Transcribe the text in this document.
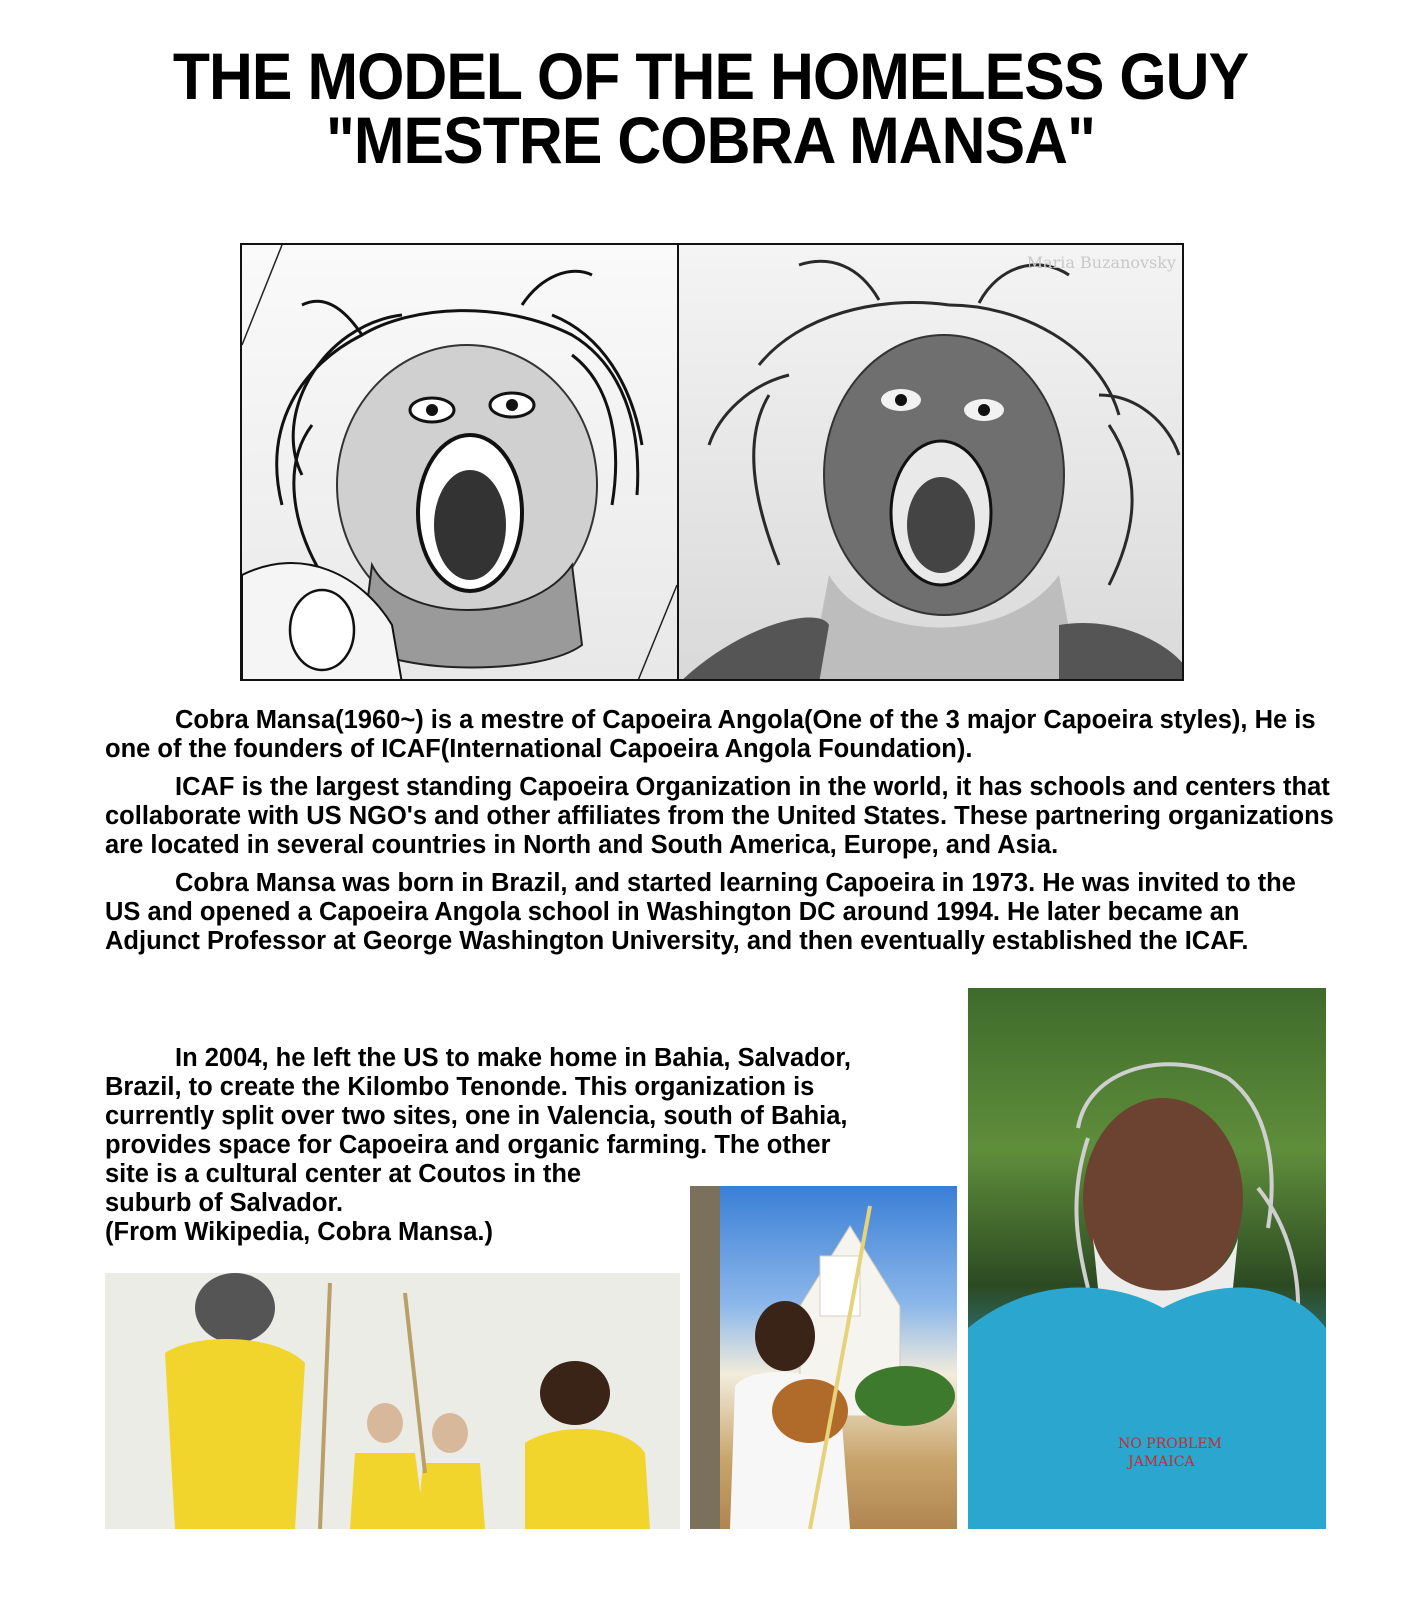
THE MODEL OF THE HOMELESS GUY
"MESTRE COBRA MANSA"
Maria Buzanovsky

Cobra Mansa(1960~) is a mestre of Capoeira Angola(One of the 3 major Capoeira styles), He is one of the founders of ICAF(International Capoeira Angola Foundation).

ICAF is the largest standing Capoeira Organization in the world, it has schools and centers that collaborate with US NGO's and other affiliates from the United States. These partnering organizations are located in several countries in North and South America, Europe, and Asia.

Cobra Mansa was born in Brazil, and started learning Capoeira in 1973. He was invited to the US and opened a Capoeira Angola school in Washington DC around 1994. He later became an Adjunct Professor at George Washington University, and then eventually established the ICAF.

In 2004, he left the US to make home in Bahia, Salvador,
Brazil, to create the Kilombo Tenonde. This organization is
currently split over two sites, one in Valencia, south of Bahia,
provides space for Capoeira and organic farming. The other
site is a cultural center at Coutos in the
suburb of Salvador.
(From Wikipedia, Cobra Mansa.)
NO PROBLEM
JAMAICA
